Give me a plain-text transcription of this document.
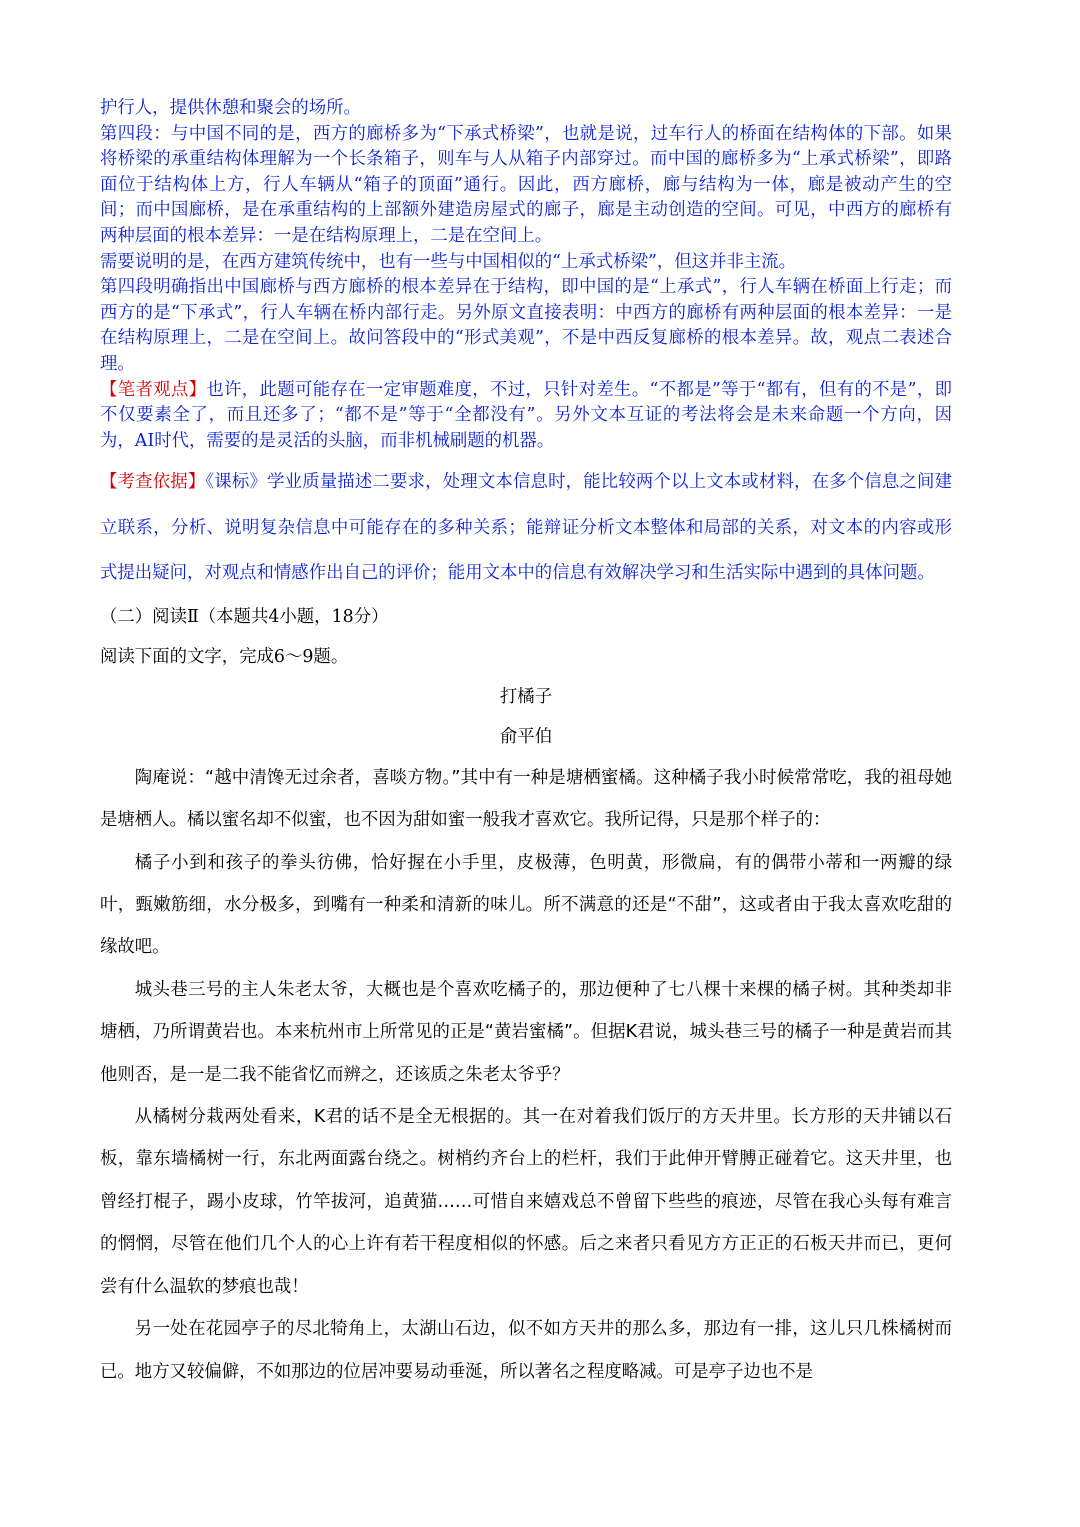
护行人，提供休憩和聚会的场所。

第四段：与中国不同的是，西方的廊桥多为“下承式桥梁”，也就是说，过车行人的桥面在结构体的下部。如果将桥梁的承重结构体理解为一个长条箱子，则车与人从箱子内部穿过。而中国的廊桥多为“上承式桥梁”，即路面位于结构体上方，行人车辆从“箱子的顶面”通行。因此，西方廊桥，廊与结构为一体，廊是被动产生的空间；而中国廊桥，是在承重结构的上部额外建造房屋式的廊子，廊是主动创造的空间。可见，中西方的廊桥有两种层面的根本差异：一是在结构原理上，二是在空间上。

需要说明的是，在西方建筑传统中，也有一些与中国相似的“上承式桥梁”，但这并非主流。

第四段明确指出中国廊桥与西方廊桥的根本差异在于结构，即中国的是“上承式”，行人车辆在桥面上行走；而西方的是“下承式”，行人车辆在桥内部行走。另外原文直接表明：中西方的廊桥有两种层面的根本差异：一是在结构原理上，二是在空间上。故问答段中的“形式美观”，不是中西反复廊桥的根本差异。故，观点二表述合理。

【笔者观点】也许，此题可能存在一定审题难度，不过，只针对差生。“不都是”等于“都有，但有的不是”，即不仅要素全了，而且还多了；“都不是”等于“全都没有”。另外文本互证的考法将会是未来命题一个方向，因为，AI时代，需要的是灵活的头脑，而非机械刷题的机器。

【考查依据】《课标》学业质量描述二要求，处理文本信息时，能比较两个以上文本或材料，在多个信息之间建立联系，分析、说明复杂信息中可能存在的多种关系；能辩证分析文本整体和局部的关系，对文本的内容或形式提出疑问，对观点和情感作出自己的评价；能用文本中的信息有效解决学习和生活实际中遇到的具体问题。

（二）阅读Ⅱ（本题共4小题，18分）

阅读下面的文字，完成6～9题。

打橘子

俞平伯

陶庵说：“越中清馋无过余者，喜啖方物。”其中有一种是塘栖蜜橘。这种橘子我小时候常常吃，我的祖母她是塘栖人。橘以蜜名却不似蜜，也不因为甜如蜜一般我才喜欢它。我所记得，只是那个样子的：

橘子小到和孩子的拳头彷佛，恰好握在小手里，皮极薄，色明黄，形微扁，有的偶带小蒂和一两瓣的绿叶，甄嫩筋细，水分极多，到嘴有一种柔和清新的味儿。所不满意的还是“不甜”，这或者由于我太喜欢吃甜的缘故吧。

城头巷三号的主人朱老太爷，大概也是个喜欢吃橘子的，那边便种了七八棵十来棵的橘子树。其种类却非塘栖，乃所谓黄岩也。本来杭州市上所常见的正是“黄岩蜜橘”。但据K君说，城头巷三号的橘子一种是黄岩而其他则否，是一是二我不能省忆而辨之，还该质之朱老太爷乎？

从橘树分栽两处看来，K君的话不是全无根据的。其一在对着我们饭厅的方天井里。长方形的天井铺以石板，靠东墙橘树一行，东北两面露台绕之。树梢约齐台上的栏杆，我们于此伸开臂膊正碰着它。这天井里，也曾经打棍子，踢小皮球，竹竿拔河，追黄猫……可惜自来嬉戏总不曾留下些些的痕迹，尽管在我心头每有难言的惘惘，尽管在他们几个人的心上许有若干程度相似的怀感。后之来者只看见方方正正的石板天井而已，更何尝有什么温软的梦痕也哉！

另一处在花园亭子的尽北犄角上，太湖山石边，似不如方天井的那么多，那边有一排，这儿只几株橘树而已。地方又较偏僻，不如那边的位居冲要易动垂涎，所以著名之程度略减。可是亭子边也不是
